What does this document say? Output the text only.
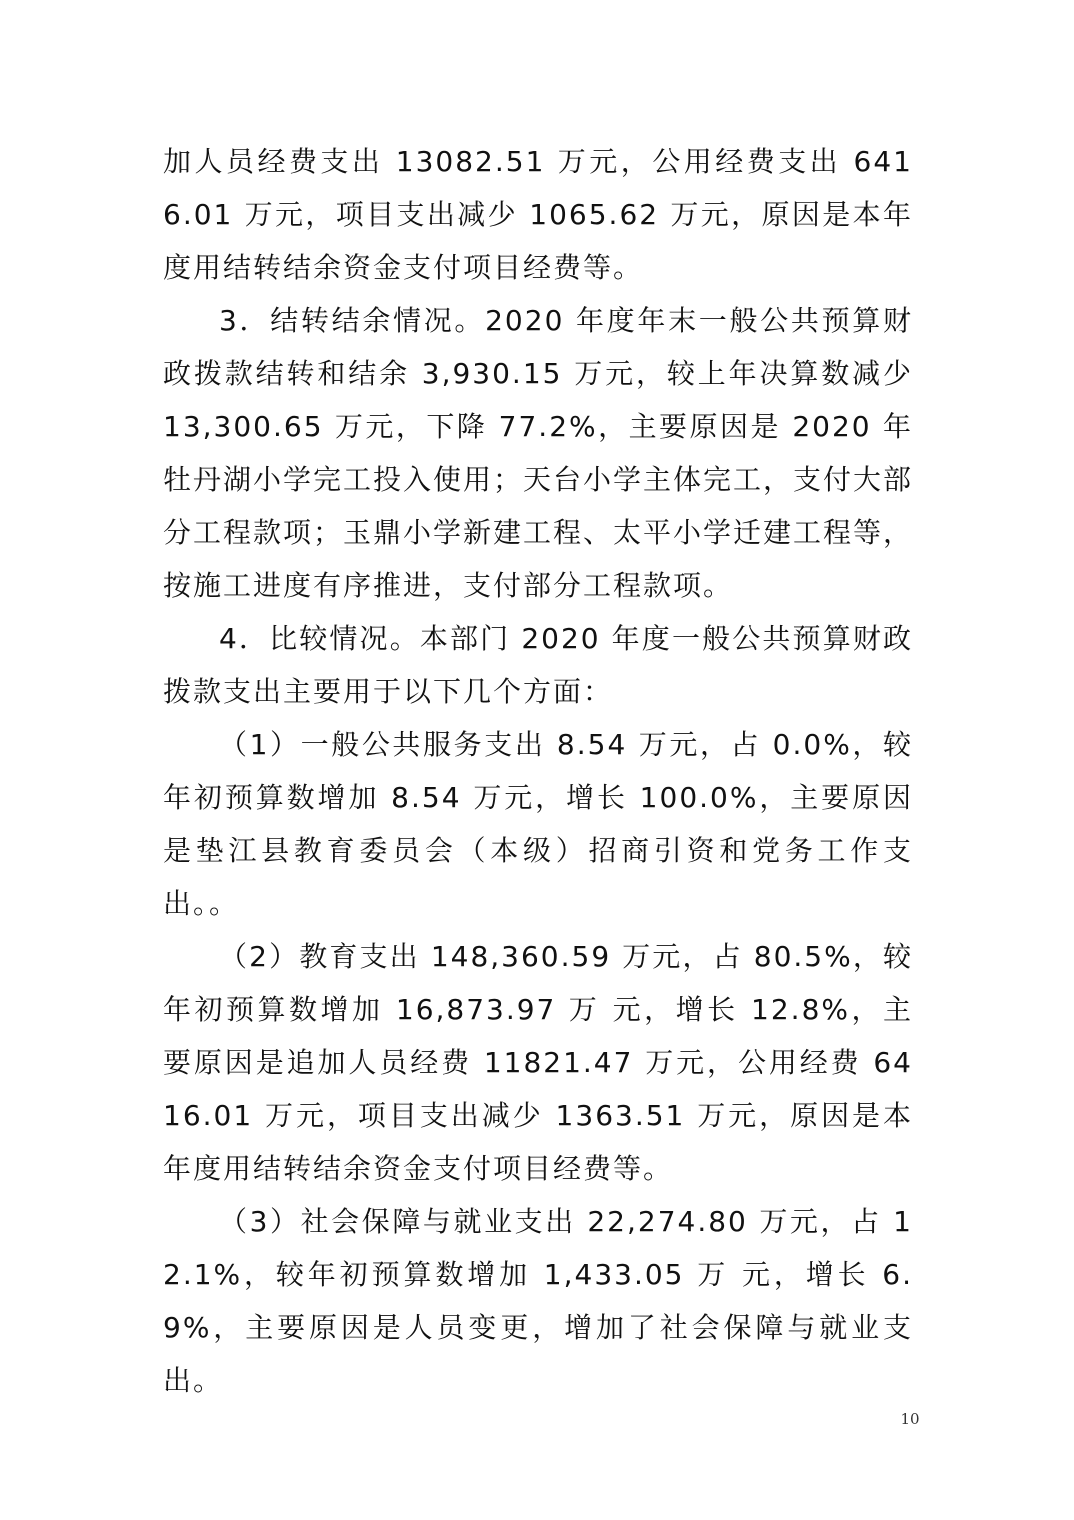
加人员经费支出 13082.51 万元，公用经费支出 6416.01 万元，项目支出减少 1065.62 万元，原因是本年度用结转结余资金支付项目经费等。

3．结转结余情况。2020 年度年末一般公共预算财政拨款结转和结余 3,930.15 万元，较上年决算数减少 13,300.65 万元，下降 77.2%，主要原因是 2020 年牡丹湖小学完工投入使用；天台小学主体完工，支付大部分工程款项；玉鼎小学新建工程、太平小学迁建工程等，按施工进度有序推进，支付部分工程款项。

4．比较情况。本部门 2020 年度一般公共预算财政拨款支出主要用于以下几个方面：

（1）一般公共服务支出 8.54 万元，占 0.0%，较年初预算数增加 8.54 万元，增长 100.0%，主要原因是垫江县教育委员会（本级）招商引资和党务工作支出。。

（2）教育支出 148,360.59 万元，占 80.5%，较年初预算数增加 16,873.97 万 元，增长 12.8%，主要原因是追加人员经费 11821.47 万元，公用经费 6416.01 万元，项目支出减少 1363.51 万元，原因是本年度用结转结余资金支付项目经费等。

（3）社会保障与就业支出 22,274.80 万元，占 12.1%，较年初预算数增加 1,433.05 万 元，增长 6.9%，主要原因是人员变更，增加了社会保障与就业支出。

10
